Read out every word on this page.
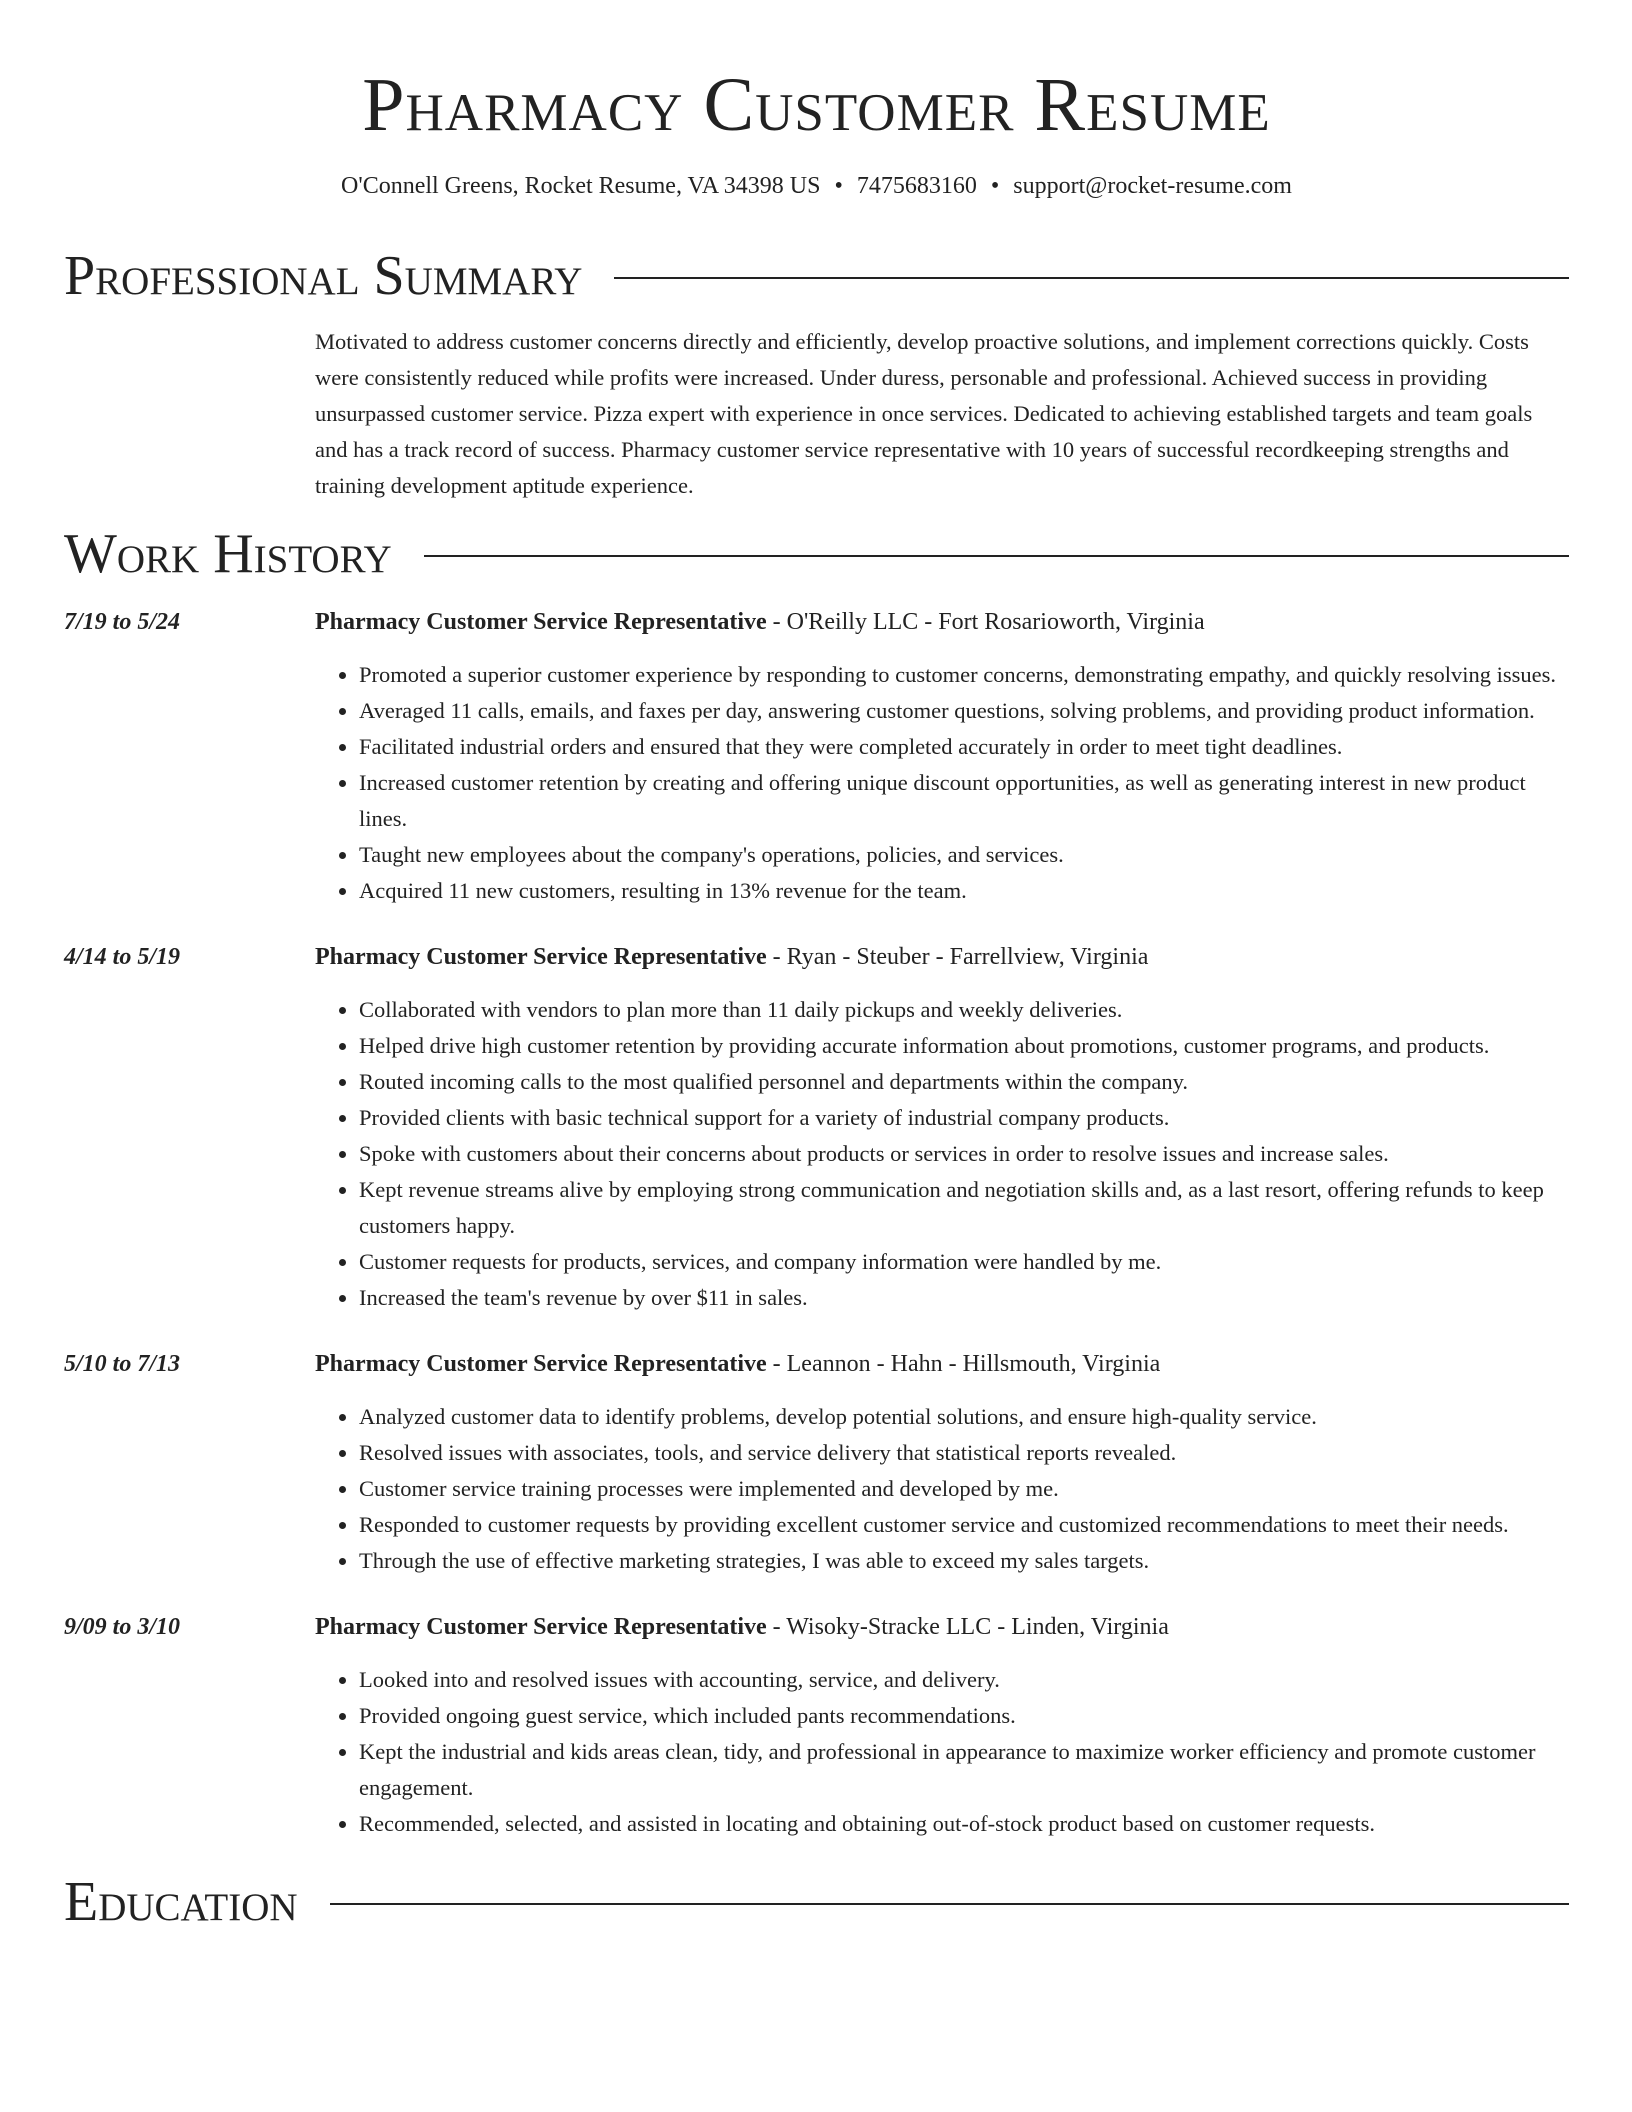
Pharmacy Customer Resume
O'Connell Greens, Rocket Resume, VA 34398 US • 7475683160 • support@rocket-resume.com
Professional Summary

Motivated to address customer concerns directly and efficiently, develop proactive solutions, and implement corrections quickly. Costs were consistently reduced while profits were increased. Under duress, personable and professional. Achieved success in providing unsurpassed customer service. Pizza expert with experience in once services. Dedicated to achieving established targets and team goals and has a track record of success. Pharmacy customer service representative with 10 years of successful recordkeeping strengths and training development aptitude experience.

Work History
7/19 to 5/24	Pharmacy Customer Service Representative - O'Reilly LLC - Fort Rosarioworth, Virginia
• Promoted a superior customer experience by responding to customer concerns, demonstrating empathy, and quickly resolving issues.
• Averaged 11 calls, emails, and faxes per day, answering customer questions, solving problems, and providing product information.
• Facilitated industrial orders and ensured that they were completed accurately in order to meet tight deadlines.
• Increased customer retention by creating and offering unique discount opportunities, as well as generating interest in new product lines.
• Taught new employees about the company's operations, policies, and services.
• Acquired 11 new customers, resulting in 13% revenue for the team.
4/14 to 5/19	Pharmacy Customer Service Representative - Ryan - Steuber - Farrellview, Virginia
• Collaborated with vendors to plan more than 11 daily pickups and weekly deliveries.
• Helped drive high customer retention by providing accurate information about promotions, customer programs, and products.
• Routed incoming calls to the most qualified personnel and departments within the company.
• Provided clients with basic technical support for a variety of industrial company products.
• Spoke with customers about their concerns about products or services in order to resolve issues and increase sales.
• Kept revenue streams alive by employing strong communication and negotiation skills and, as a last resort, offering refunds to keep customers happy.
• Customer requests for products, services, and company information were handled by me.
• Increased the team's revenue by over $11 in sales.
5/10 to 7/13	Pharmacy Customer Service Representative - Leannon - Hahn - Hillsmouth, Virginia
• Analyzed customer data to identify problems, develop potential solutions, and ensure high-quality service.
• Resolved issues with associates, tools, and service delivery that statistical reports revealed.
• Customer service training processes were implemented and developed by me.
• Responded to customer requests by providing excellent customer service and customized recommendations to meet their needs.
• Through the use of effective marketing strategies, I was able to exceed my sales targets.
9/09 to 3/10	Pharmacy Customer Service Representative - Wisoky-Stracke LLC - Linden, Virginia
• Looked into and resolved issues with accounting, service, and delivery.
• Provided ongoing guest service, which included pants recommendations.
• Kept the industrial and kids areas clean, tidy, and professional in appearance to maximize worker efficiency and promote customer engagement.
• Recommended, selected, and assisted in locating and obtaining out-of-stock product based on customer requests.
Education
